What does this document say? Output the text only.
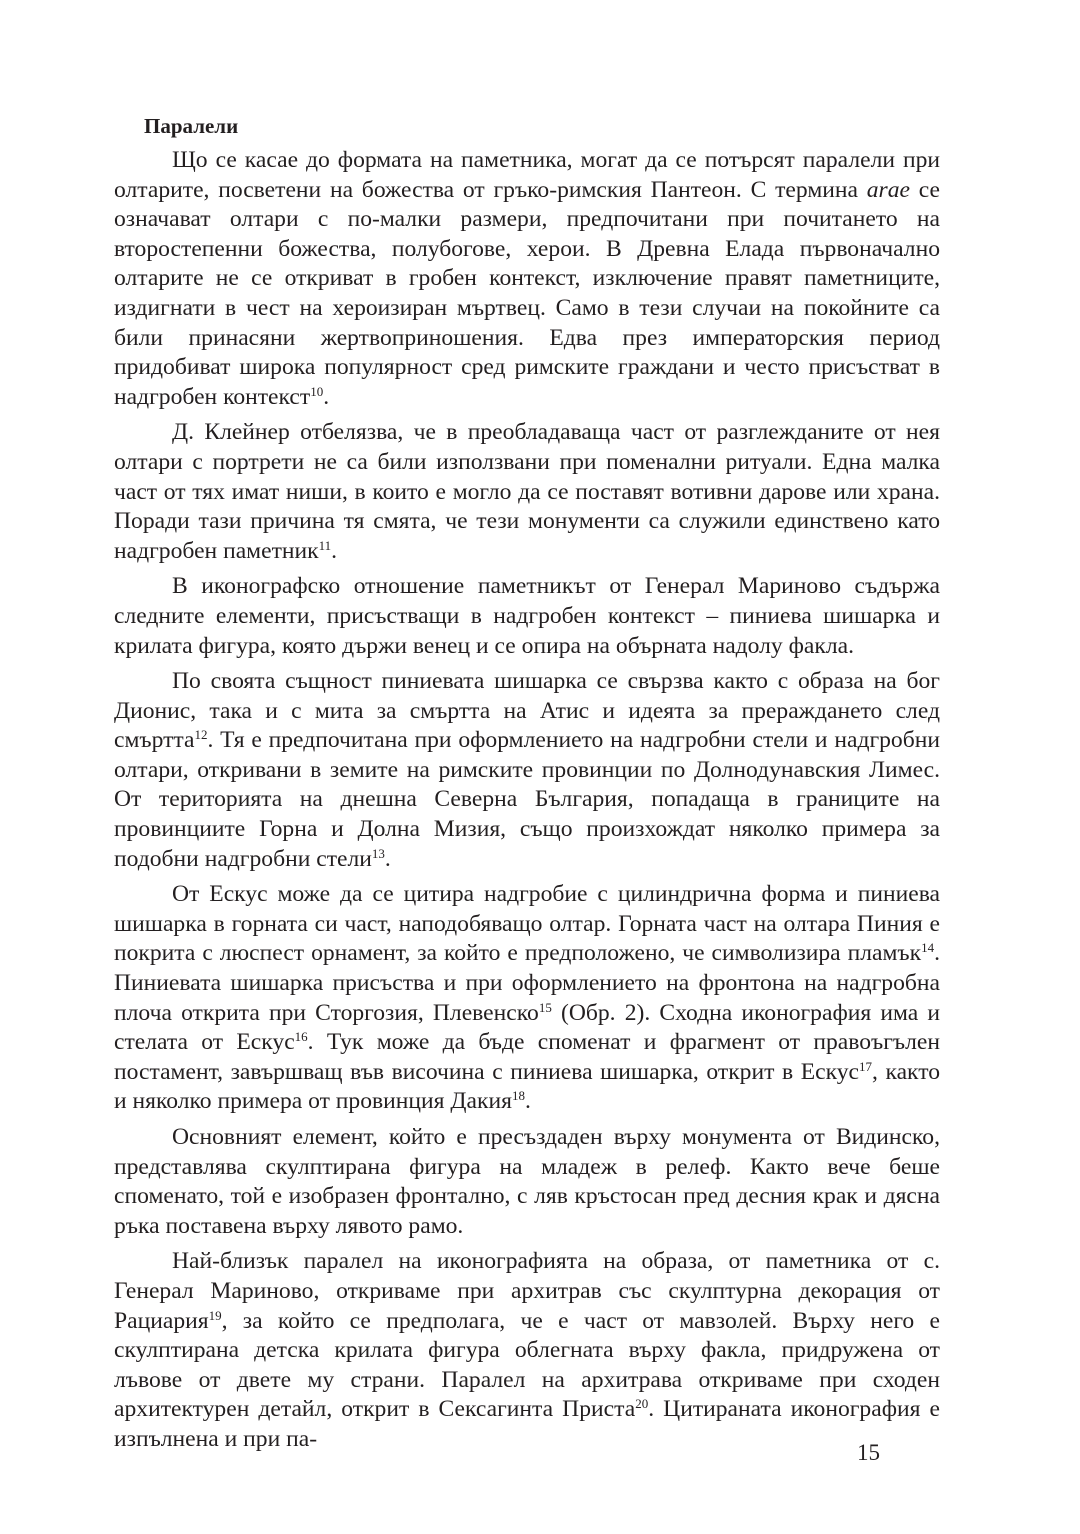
Паралели

Що се касае до формата на паметника, могат да се потърсят паралели при олтарите, посветени на божества от гръко-римския Пантеон. С термина arae се означават олтари с по-малки размери, предпочитани при почитането на второстепенни божества, полубогове, херои. В Древна Елада първоначално олтарите не се откриват в гробен контекст, изключение правят паметниците, издигнати в чест на хероизиран мъртвец. Само в тези случаи на покойните са били принасяни жертвоприношения. Едва през императорския период придобиват широка популярност сред римските граждани и често присъстват в надгробен контекст$^{10}$.

Д. Клейнер отбелязва, че в преобладаваща част от разглежданите от нея олтари с портрети не са били използвани при поменални ритуали. Една малка част от тях имат ниши, в които е могло да се поставят вотивни дарове или храна. Поради тази причина тя смята, че тези монументи са служили единствено като надгробен паметник$^{11}$.

В иконографско отношение паметникът от Генерал Мариново съдържа следните елементи, присъстващи в надгробен контекст – пиниева шишарка и крилата фигура, която държи венец и се опира на обърната надолу факла.

По своята същност пиниевата шишарка се свързва както с образа на бог Дионис, така и с мита за смъртта на Атис и идеята за прераждането след смъртта$^{12}$. Тя е предпочитана при оформлението на надгробни стели и надгробни олтари, откривани в земите на римските провинции по Долнодунавския Лимес. От територията на днешна Северна България, попадаща в границите на провинциите Горна и Долна Мизия, също произхождат няколко примера за подобни надгробни стели$^{13}$.

От Ескус може да се цитира надгробие с цилиндрична форма и пиниева шишарка в горната си част, наподобяващо олтар. Горната част на олтара Пиния е покрита с люспест орнамент, за който е предположено, че символизира пламък$^{14}$. Пиниевата шишарка присъства и при оформлението на фронтона на надгробна плоча открита при Сторгозия, Плевенско$^{15}$ (Обр. 2). Сходна иконография има и стелата от Ескус$^{16}$. Тук може да бъде споменат и фрагмент от правоъгълен постамент, завършващ във височина с пиниева шишарка, открит в Ескус$^{17}$, както и няколко примера от провинция Дакия$^{18}$.

Основният елемент, който е пресъздаден върху монумента от Видинско, представлява скулптирана фигура на младеж в релеф. Както вече беше споменато, той е изобразен фронтално, с ляв кръстосан пред десния крак и дясна ръка поставена върху лявото рамо.

Най-близък паралел на иконографията на образа, от паметника от с. Генерал Мариново, откриваме при архитрав със скулптурна декорация от Рациария$^{19}$, за който се предполага, че е част от мавзолей. Върху него е скулптирана детска крилата фигура облегната върху факла, придружена от лъвове от двете му страни. Паралел на архитрава откриваме при сходен архитектурен детайл, открит в Сексагинта Приста$^{20}$. Цитираната иконография е изпълнена и при па-

15
